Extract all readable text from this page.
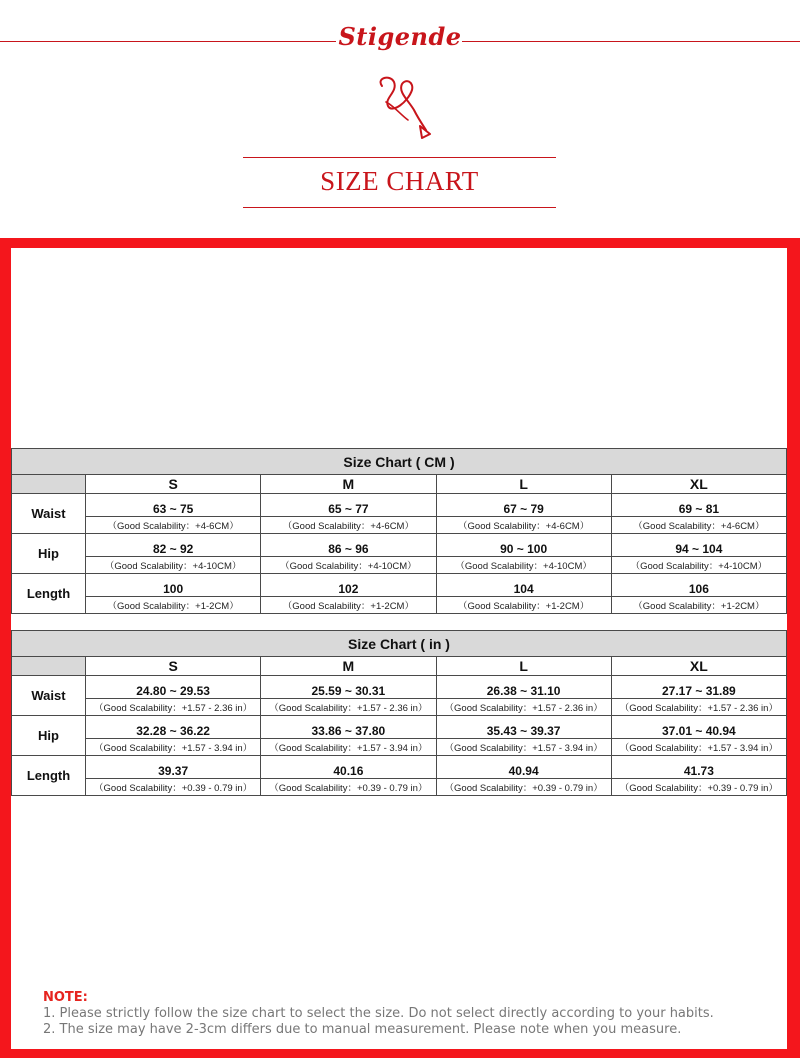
Stigende
SIZE CHART
Size Chart ( CM )				
	S	M	L	XL
Waist	63 ~ 75	65 ~ 77	67 ~ 79	69 ~ 81
	（Good Scalability：+4-6CM）	（Good Scalability：+4-6CM）	（Good Scalability：+4-6CM）	（Good Scalability：+4-6CM）
Hip	82 ~ 92	86 ~ 96	90 ~ 100	94 ~ 104
	（Good Scalability：+4-10CM）	（Good Scalability：+4-10CM）	（Good Scalability：+4-10CM）	（Good Scalability：+4-10CM）
Length	100	102	104	106
	（Good Scalability：+1-2CM）	（Good Scalability：+1-2CM）	（Good Scalability：+1-2CM）	（Good Scalability：+1-2CM）
Size Chart ( in )				
	S	M	L	XL
Waist	24.80 ~ 29.53	25.59 ~ 30.31	26.38 ~ 31.10	27.17 ~ 31.89
	（Good Scalability：+1.57 - 2.36 in）	（Good Scalability：+1.57 - 2.36 in）	（Good Scalability：+1.57 - 2.36 in）	（Good Scalability：+1.57 - 2.36 in）
Hip	32.28 ~ 36.22	33.86 ~ 37.80	35.43 ~ 39.37	37.01 ~ 40.94
	（Good Scalability：+1.57 - 3.94 in）	（Good Scalability：+1.57 - 3.94 in）	（Good Scalability：+1.57 - 3.94 in）	（Good Scalability：+1.57 - 3.94 in）
Length	39.37	40.16	40.94	41.73
	（Good Scalability：+0.39 - 0.79 in）	（Good Scalability：+0.39 - 0.79 in）	（Good Scalability：+0.39 - 0.79 in）	（Good Scalability：+0.39 - 0.79 in）
NOTE:
1. Please strictly follow the size chart to select the size. Do not select directly according to your habits.
2. The size may have 2-3cm differs due to manual measurement. Please note when you measure.
